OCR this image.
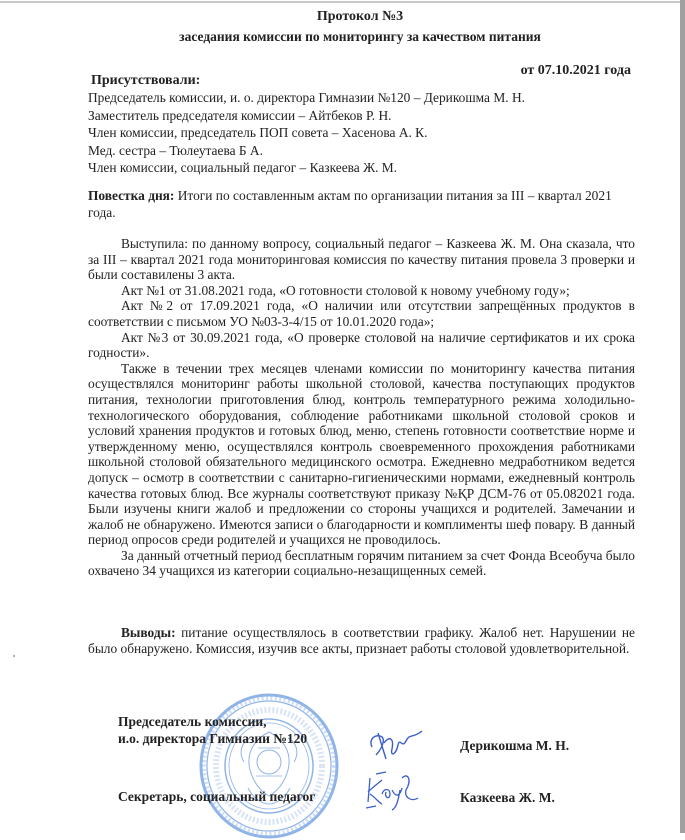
Протокол №3
заседания комиссии по мониторингу за качеством питания
от 07.10.2021 года
Присутствовали:
Председатель комиссии, и. о. директора Гимназии №120 – Дерикошма М. Н.
Заместитель председателя комиссии – Айтбеков Р. Н.
Член комиссии, председатель ПОП совета – Хасенова А. К.
Мед. сестра – Тюлеутаева Б А.
Член комиссии, социальный педагог – Казкеева Ж. М.

Повестка дня: Итоги по составленным актам по организации питания за III – квартал 2021 года.

Выступила: по данному вопросу, социальный педагог – Казкеева Ж. М. Она сказала, что за III – квартал 2021 года мониторинговая комиссия по качеству питания провела 3 проверки и были составилены 3 акта.

Акт №1 от 31.08.2021 года, «О готовности столовой к новому учебному году»;

Акт №2 от 17.09.2021 года, «О наличии или отсутствии запрещённых продуктов в соответствии с письмом УО №03-3-4/15 от 10.01.2020 года»;

Акт №3 от 30.09.2021 года, «О проверке столовой на наличие сертификатов и их срока годности».

Также в течении трех месяцев членами комиссии по мониторингу качества питания осуществлялся мониторинг работы школьной столовой, качества поступающих продуктов питания, технологии приготовления блюд, контроль температурного режима холодильно-технологического оборудования, соблюдение работниками школьной столовой сроков и условий хранения продуктов и готовых блюд, меню, степень готовности соответствие норме и утвержденному меню, осуществлялся контроль своевременного прохождения работниками школьной столовой обязательного медицинского осмотра. Ежедневно медработником ведется допуск – осмотр в соответствии с санитарно-гигиеническими нормами, ежедневный контроль качества готовых блюд. Все журналы соответствуют приказу №ҚР ДСМ-76 от 05.082021 года. Были изучены книги жалоб и предложении со стороны учащихся и родителей. Замечании и жалоб не обнаружено. Имеются записи о благодарности и комплименты шеф повару. В данный период опросов среди родителей и учащихся не проводилось.

За данный отчетный период бесплатным горячим питанием за счет Фонда Всеобуча было охвачено 34 учащихся из категории социально-незащищенных семей.

Выводы: питание осуществлялось в соответствии графику. Жалоб нет. Нарушении не было обнаружено. Комиссия, изучив все акты, признает работы столовой удовлетворительной.

Председатель комиссии,
и.о. директора Гимназии №120	Дерикошма М. Н.
Секретарь, социальный педагог	Казкеева Ж. М.
